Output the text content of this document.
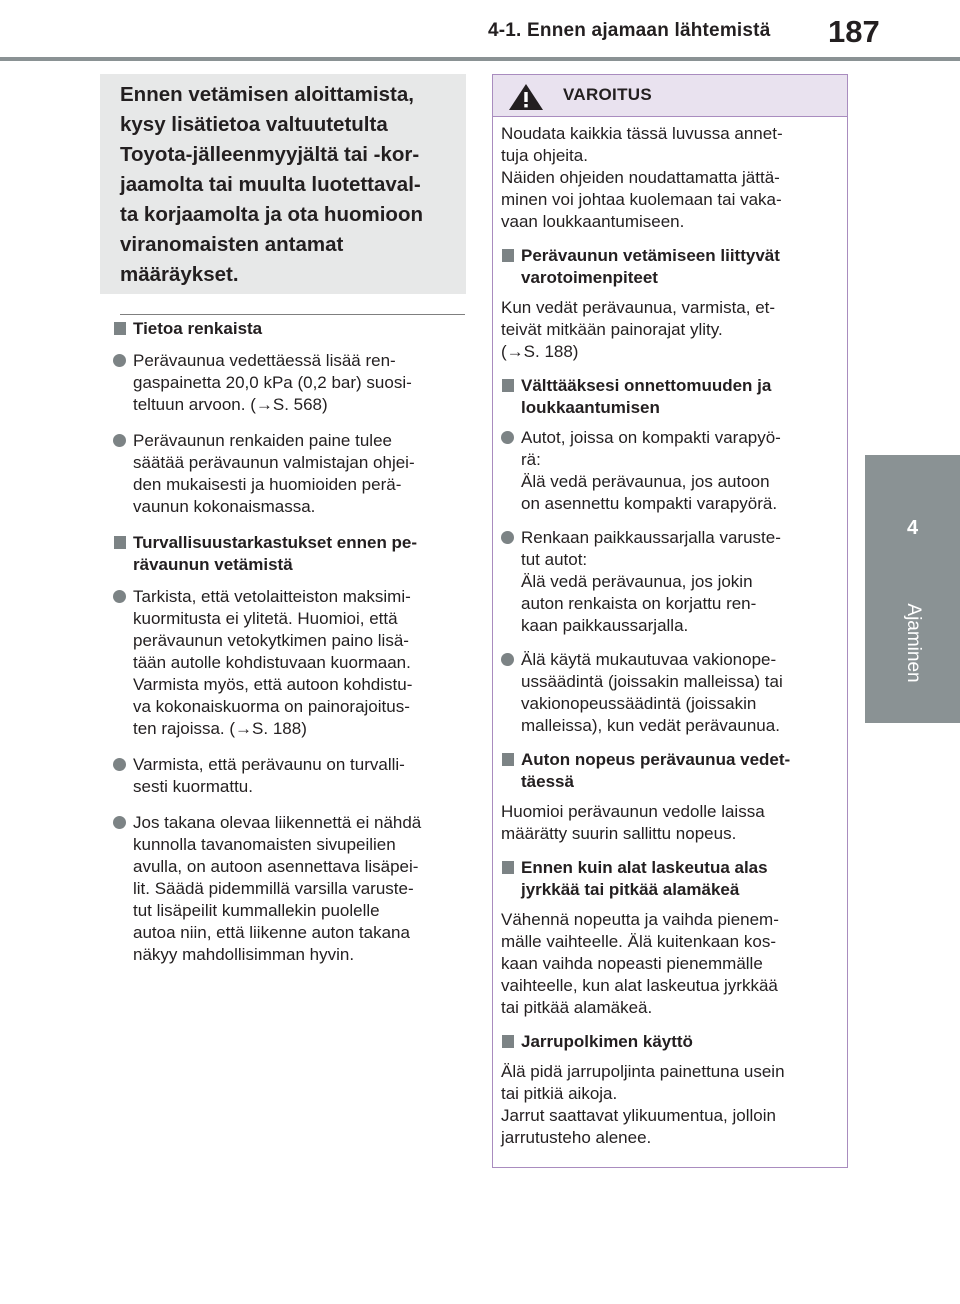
4-1. Ennen ajamaan lähtemistä 187
4
Ajaminen

Ennen vetämisen aloittamista,
kysy lisätietoa valtuutetulta
Toyota-jälleenmyyjältä tai -kor-
jaamolta tai muulta luotettaval-
ta korjaamolta ja ota huomioon
viranomaisten antamat
määräykset.

Tietoa renkaista
Perävaunua vedettäessä lisää ren-
gaspainetta 20,0 kPa (0,2 bar) suosi-
teltuun arvoon. (→S. 568)
Perävaunun renkaiden paine tulee
säätää perävaunun valmistajan ohjei-
den mukaisesti ja huomioiden perä-
vaunun kokonaismassa.
Turvallisuustarkastukset ennen pe-
rävaunun vetämistä
Tarkista, että vetolaitteiston maksimi-
kuormitusta ei ylitetä. Huomioi, että
perävaunun vetokytkimen paino lisä-
tään autolle kohdistuvaan kuormaan.
Varmista myös, että autoon kohdistu-
va kokonaiskuorma on painorajoitus-
ten rajoissa. (→S. 188)
Varmista, että perävaunu on turvalli-
sesti kuormattu.
Jos takana olevaa liikennettä ei nähdä
kunnolla tavanomaisten sivupeilien
avulla, on autoon asennettava lisäpei-
lit. Säädä pidemmillä varsilla varuste-
tut lisäpeilit kummallekin puolelle
autoa niin, että liikenne auton takana
näkyy mahdollisimman hyvin.
VAROITUS
Noudata kaikkia tässä luvussa annet-
tuja ohjeita.
Näiden ohjeiden noudattamatta jättä-
minen voi johtaa kuolemaan tai vaka-
vaan loukkaantumiseen.
Perävaunun vetämiseen liittyvät
varotoimenpiteet
Kun vedät perävaunua, varmista, et-
teivät mitkään painorajat ylity.
(→S. 188)
Välttääksesi onnettomuuden ja
loukkaantumisen
Autot, joissa on kompakti varapyö-
rä:
Älä vedä perävaunua, jos autoon
on asennettu kompakti varapyörä.
Renkaan paikkaussarjalla varuste-
tut autot:
Älä vedä perävaunua, jos jokin
auton renkaista on korjattu ren-
kaan paikkaussarjalla.
Älä käytä mukautuvaa vakionope-
ussäädintä (joissakin malleissa) tai
vakionopeussäädintä (joissakin
malleissa), kun vedät perävaunua.
Auton nopeus perävaunua vedet-
täessä
Huomioi perävaunun vedolle laissa
määrätty suurin sallittu nopeus.
Ennen kuin alat laskeutua alas
jyrkkää tai pitkää alamäkeä
Vähennä nopeutta ja vaihda pienem-
mälle vaihteelle. Älä kuitenkaan kos-
kaan vaihda nopeasti pienemmälle
vaihteelle, kun alat laskeutua jyrkkää
tai pitkää alamäkeä.
Jarrupolkimen käyttö
Älä pidä jarrupoljinta painettuna usein
tai pitkiä aikoja.
Jarrut saattavat ylikuumentua, jolloin
jarrutusteho alenee.
